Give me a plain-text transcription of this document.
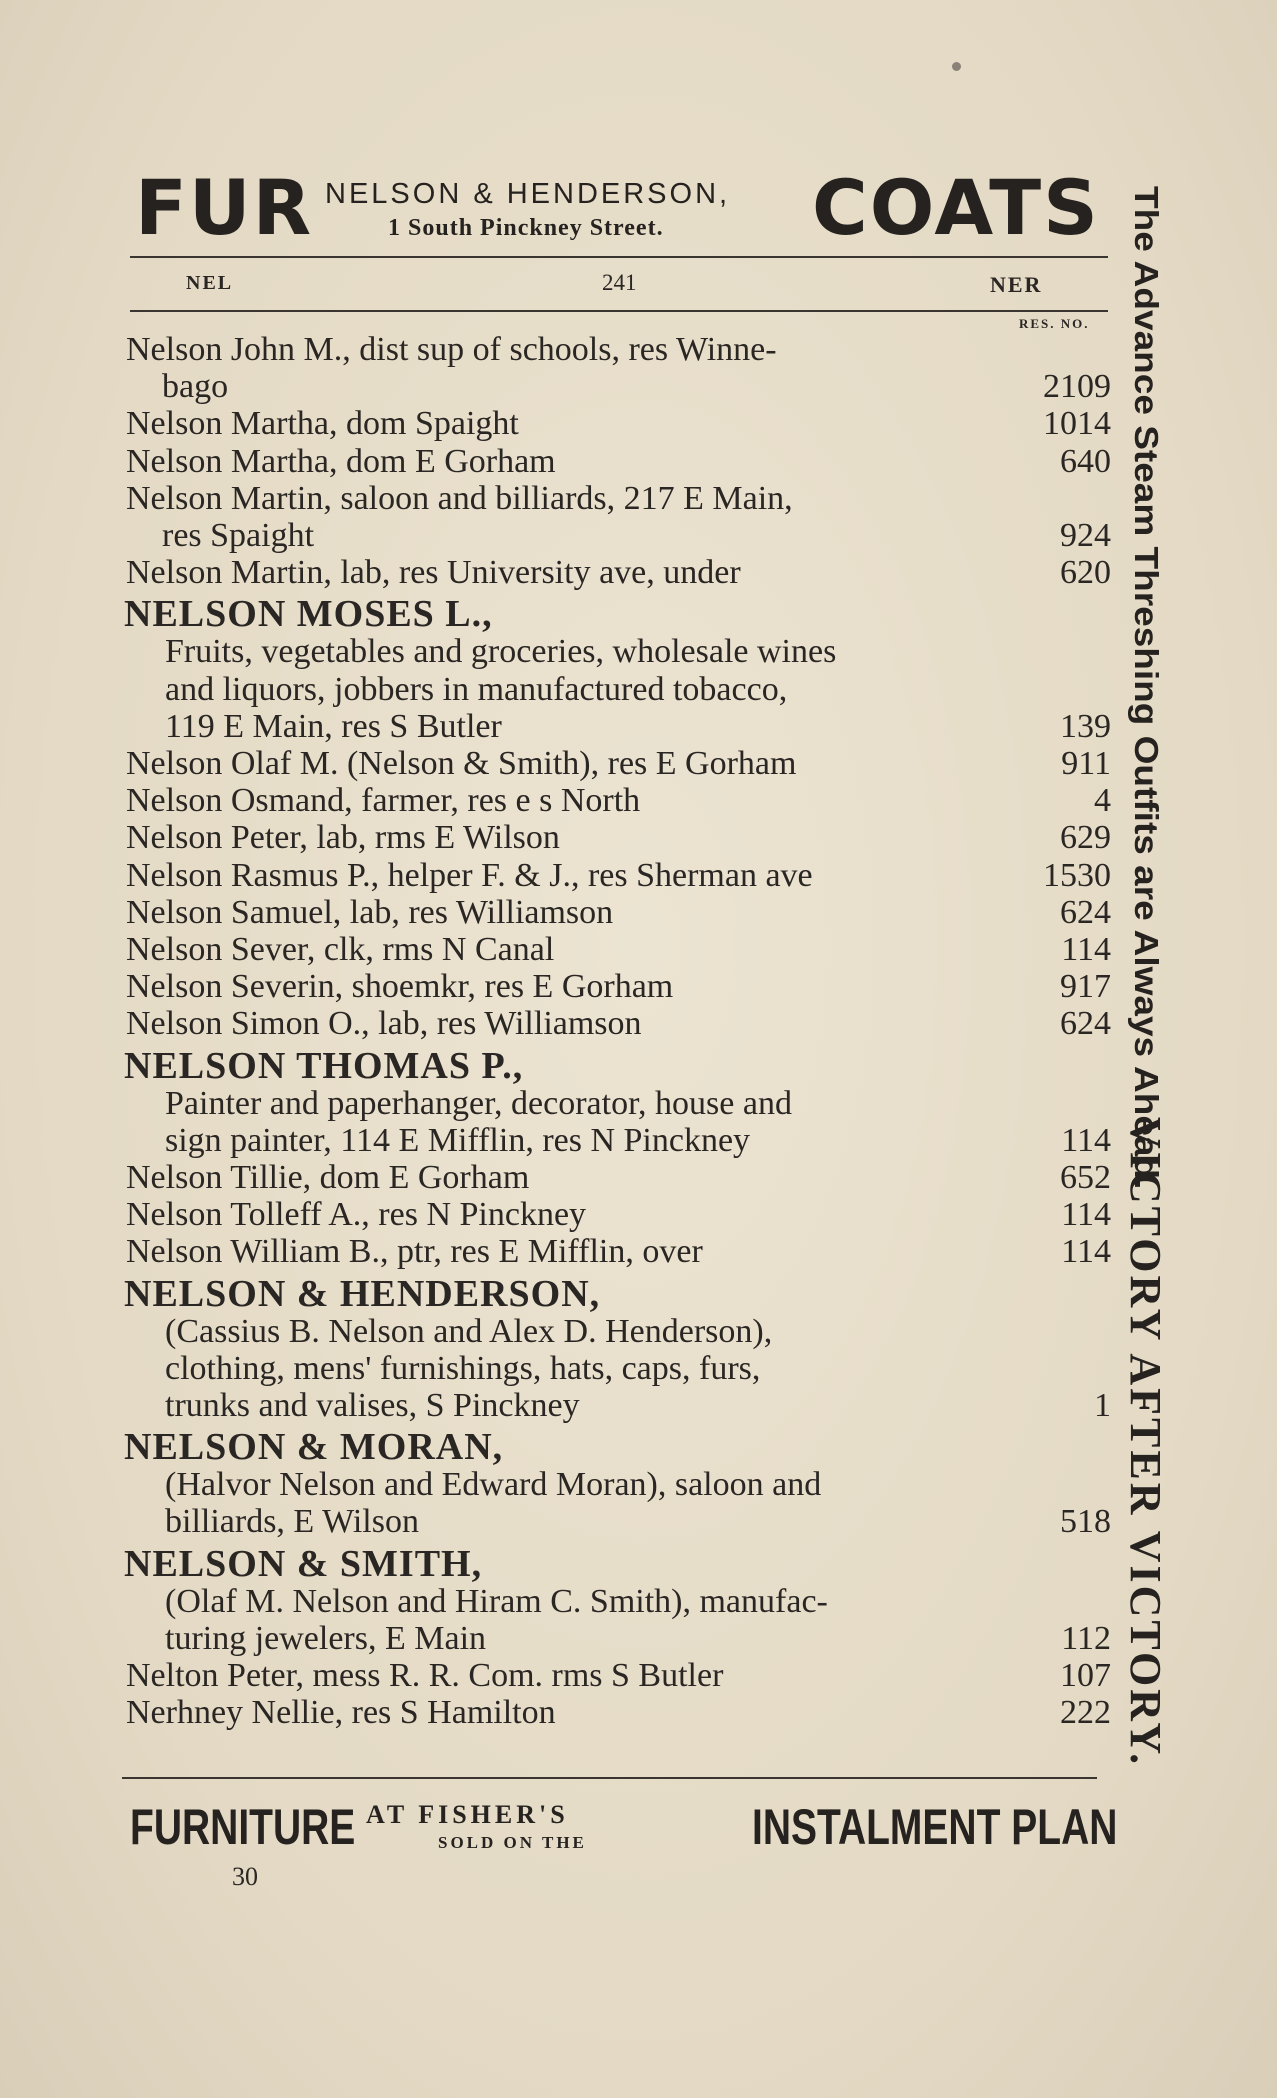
FUR NELSON & HENDERSON,
1 South Pinckney Street. COATS
NEL	241	NER
RES. NO.
Nelson John M., dist sup of schools, res Winne-
bago	2109
Nelson Martha, dom Spaight	1014
Nelson Martha, dom E Gorham	640
Nelson Martin, saloon and billiards, 217 E Main,
res Spaight	924
Nelson Martin, lab, res University ave, under	620
NELSON MOSES L.,
Fruits, vegetables and groceries, wholesale wines
and liquors, jobbers in manufactured tobacco,
119 E Main, res S Butler	139
Nelson Olaf M. (Nelson & Smith), res E Gorham	911
Nelson Osmand, farmer, res e s North	4
Nelson Peter, lab, rms E Wilson	629
Nelson Rasmus P., helper F. & J., res Sherman ave	1530
Nelson Samuel, lab, res Williamson	624
Nelson Sever, clk, rms N Canal	114
Nelson Severin, shoemkr, res E Gorham	917
Nelson Simon O., lab, res Williamson	624
NELSON THOMAS P.,
Painter and paperhanger, decorator, house and
sign painter, 114 E Mifflin, res N Pinckney	114
Nelson Tillie, dom E Gorham	652
Nelson Tolleff A., res N Pinckney	114
Nelson William B., ptr, res E Mifflin, over	114
NELSON & HENDERSON,
(Cassius B. Nelson and Alex D. Henderson),
clothing, mens' furnishings, hats, caps, furs,
trunks and valises, S Pinckney	1
NELSON & MORAN,
(Halvor Nelson and Edward Moran), saloon and
billiards, E Wilson	518
NELSON & SMITH,
(Olaf M. Nelson and Hiram C. Smith), manufac-
turing jewelers, E Main	112
Nelton Peter, mess R. R. Com. rms S Butler	107
Nerhney Nellie, res S Hamilton	222
The Advance Steam Threshing Outfits are Always Ahead.
VICTORY AFTER VICTORY.
FURNITURE AT FISHER'S
SOLD ON THE	INSTALMENT PLAN
30
